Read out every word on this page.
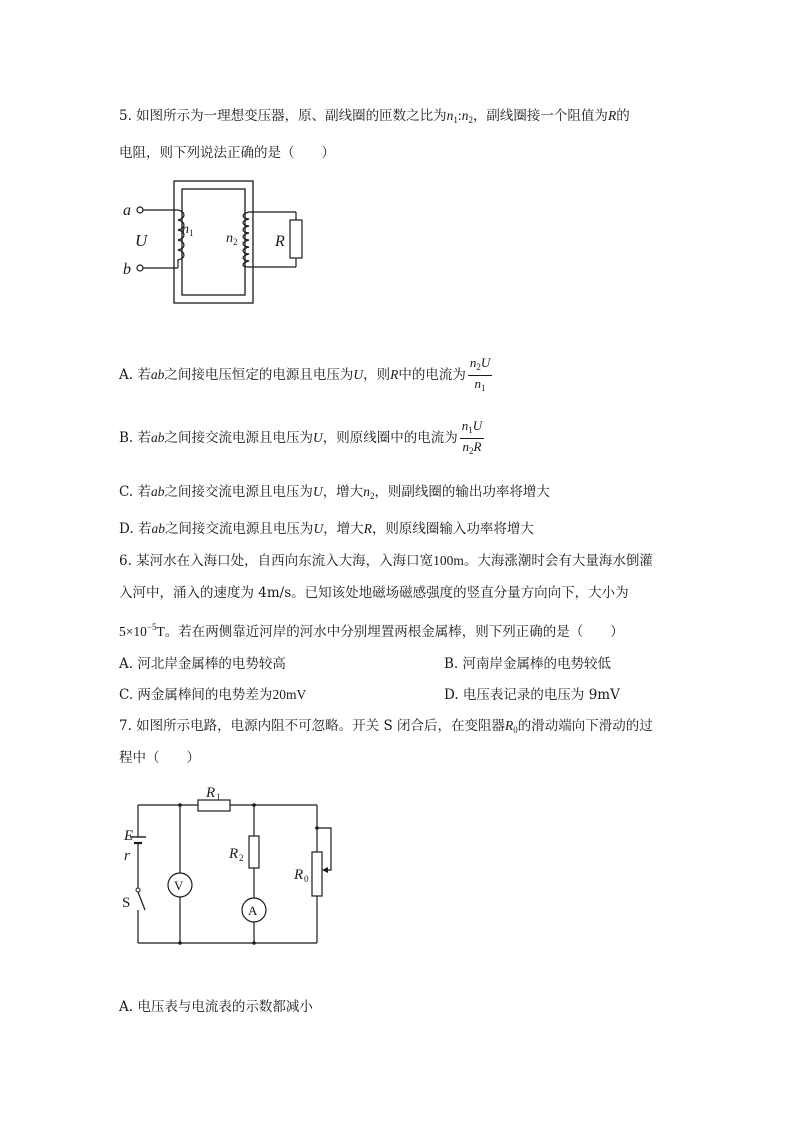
5. 如图所示为一理想变压器，原、副线圈的匝数之比为$n_1:n_2$，副线圈接一个阻值为R的
电阻，则下列说法正确的是（　　）
a
b
U
n 1 n 2 R
A. 若ab之间接电压恒定的电源且电压为U，则R中的电流为 $\frac{n_2U}{n_1}$
B. 若ab之间接交流电源且电压为U，则原线圈中的电流为 $\frac{n_1U}{n_2R}$
C. 若ab之间接交流电源且电压为U，增大$n_2$，则副线圈的输出功率将增大
D. 若ab之间接交流电源且电压为U，增大R，则原线圈输入功率将增大
6. 某河水在入海口处，自西向东流入大海，入海口宽100m。大海涨潮时会有大量海水倒灌
入河中，涌入的速度为 4m/s。已知该处地磁场磁感强度的竖直分量方向向下，大小为
$5\times 10^{-5}T$。若在两侧靠近河岸的河水中分别埋置两根金属棒，则下列正确的是（　　）
A. 河北岸金属棒的电势较高	B. 河南岸金属棒的电势较低
C. 两金属棒间的电势差为20mV	D. 电压表记录的电压为 9mV
7. 如图所示电路，电源内阻不可忽略。开关 S 闭合后，在变阻器$R_0$的滑动端向下滑动的过
程中（　　）
E
r
S
V
A
R 1
R 2
R 0
A. 电压表与电流表的示数都减小
